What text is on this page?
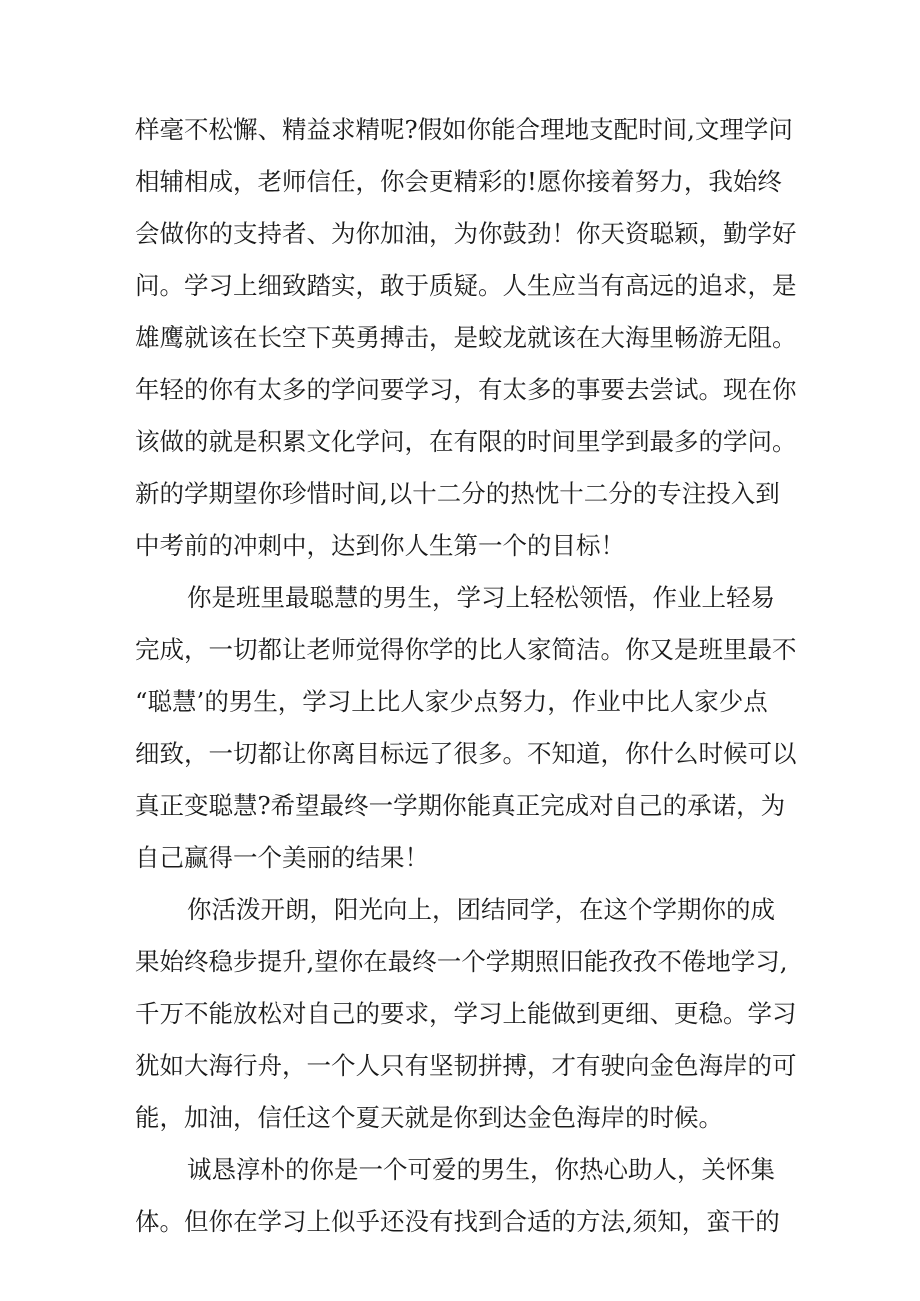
样毫不松懈、精益求精呢?假如你能合理地支配时间,文理学问
相辅相成，老师信任，你会更精彩的!愿你接着努力，我始终
会做你的支持者、为你加油，为你鼓劲！你天资聪颖，勤学好
问。学习上细致踏实，敢于质疑。人生应当有高远的追求，是
雄鹰就该在长空下英勇搏击，是蛟龙就该在大海里畅游无阻。
年轻的你有太多的学问要学习，有太多的事要去尝试。现在你
该做的就是积累文化学问，在有限的时间里学到最多的学问。
新的学期望你珍惜时间,以十二分的热忱十二分的专注投入到
中考前的冲刺中，达到你人生第一个的目标！
你是班里最聪慧的男生，学习上轻松领悟，作业上轻易
完成，一切都让老师觉得你学的比人家简洁。你又是班里最不
“聪慧’的男生，学习上比人家少点努力，作业中比人家少点
细致，一切都让你离目标远了很多。不知道，你什么时候可以
真正变聪慧?希望最终一学期你能真正完成对自己的承诺，为
自己赢得一个美丽的结果！
你活泼开朗，阳光向上，团结同学，在这个学期你的成
果始终稳步提升,望你在最终一个学期照旧能孜孜不倦地学习,
千万不能放松对自己的要求，学习上能做到更细、更稳。学习
犹如大海行舟，一个人只有坚韧拼搏，才有驶向金色海岸的可
能，加油，信任这个夏天就是你到达金色海岸的时候。
诚恳淳朴的你是一个可爱的男生，你热心助人，关怀集
体。但你在学习上似乎还没有找到合适的方法,须知，蛮干的
